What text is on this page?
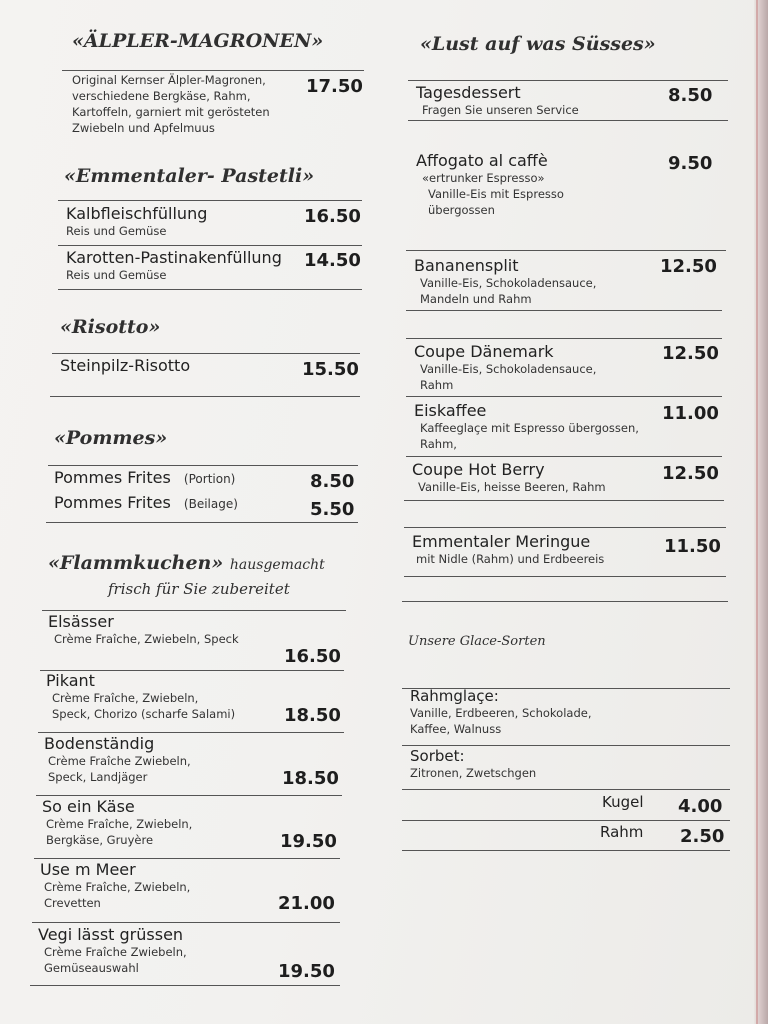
«ÄLPLER-MAGRONEN»
Original Kernser Älpler-Magronen,
verschiedene Bergkäse, Rahm,
Kartoffeln, garniert mit gerösteten
Zwiebeln und Apfelmuus
17.50
«Emmentaler- Pastetli»
Kalbfleischfüllung
Reis und Gemüse
16.50
Karotten-Pastinakenfüllung
Reis und Gemüse
14.50
«Risotto»
Steinpilz-Risotto	15.50
«Pommes»
Pommes Frites (Portion)	8.50
Pommes Frites (Beilage)	5.50
«Flammkuchen» hausgemacht
frisch für Sie zubereitet
Elsässer
Crème Fraîche, Zwiebeln, Speck
16.50
Pikant
Crème Fraîche, Zwiebeln,
Speck, Chorizo (scharfe Salami)	18.50
Bodenständig
Crème Fraîche Zwiebeln,
Speck, Landjäger	18.50
So ein Käse
Crème Fraîche, Zwiebeln,
Bergkäse, Gruyère	19.50
Use m Meer
Crème Fraîche, Zwiebeln,
Crevetten	21.00
Vegi lässt grüssen
Crème Fraîche Zwiebeln,
Gemüseauswahl	19.50
«Lust auf was Süsses»
Tagesdessert
Fragen Sie unseren Service
8.50
Affogato al caffè
«ertrunker Espresso»
Vanille-Eis mit Espresso
übergossen
9.50
Bananensplit
Vanille-Eis, Schokoladensauce,
Mandeln und Rahm
12.50
Coupe Dänemark
Vanille-Eis, Schokoladensauce,
Rahm
12.50
Eiskaffee
Kaffeeglaçe mit Espresso übergossen,
Rahm,
11.00
Coupe Hot Berry
Vanille-Eis, heisse Beeren, Rahm
12.50
Emmentaler Meringue
mit Nidle (Rahm) und Erdbeereis
11.50
Unsere Glace-Sorten
Rahmglaçe:
Vanille, Erdbeeren, Schokolade,
Kaffee, Walnuss
Sorbet:
Zitronen, Zwetschgen
Kugel 4.00
Rahm 2.50
